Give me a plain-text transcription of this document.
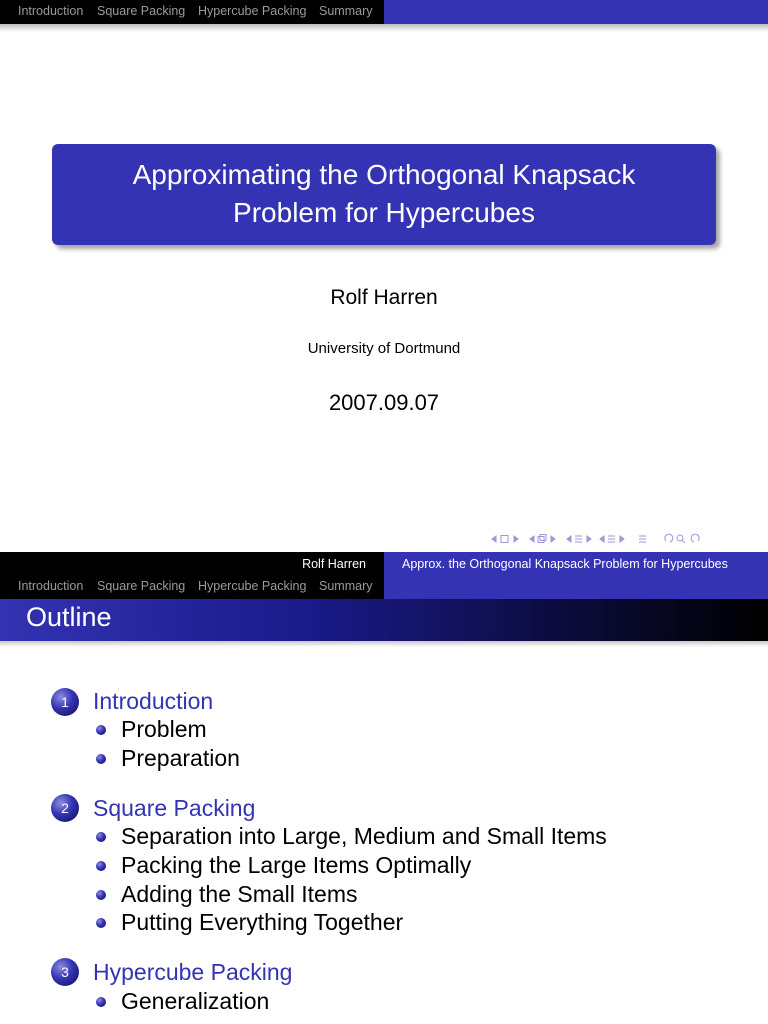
Introduction Square Packing Hypercube Packing Summary
Approximating the Orthogonal Knapsack
Problem for Hypercubes
Rolf Harren
University of Dortmund
2007.09.07
Rolf Harren	Approx. the Orthogonal Knapsack Problem for Hypercubes
Introduction Square Packing Hypercube Packing Summary
Outline
1	Introduction
Problem
Preparation
2	Square Packing
Separation into Large, Medium and Small Items
Packing the Large Items Optimally
Adding the Small Items
Putting Everything Together
3	Hypercube Packing
Generalization
